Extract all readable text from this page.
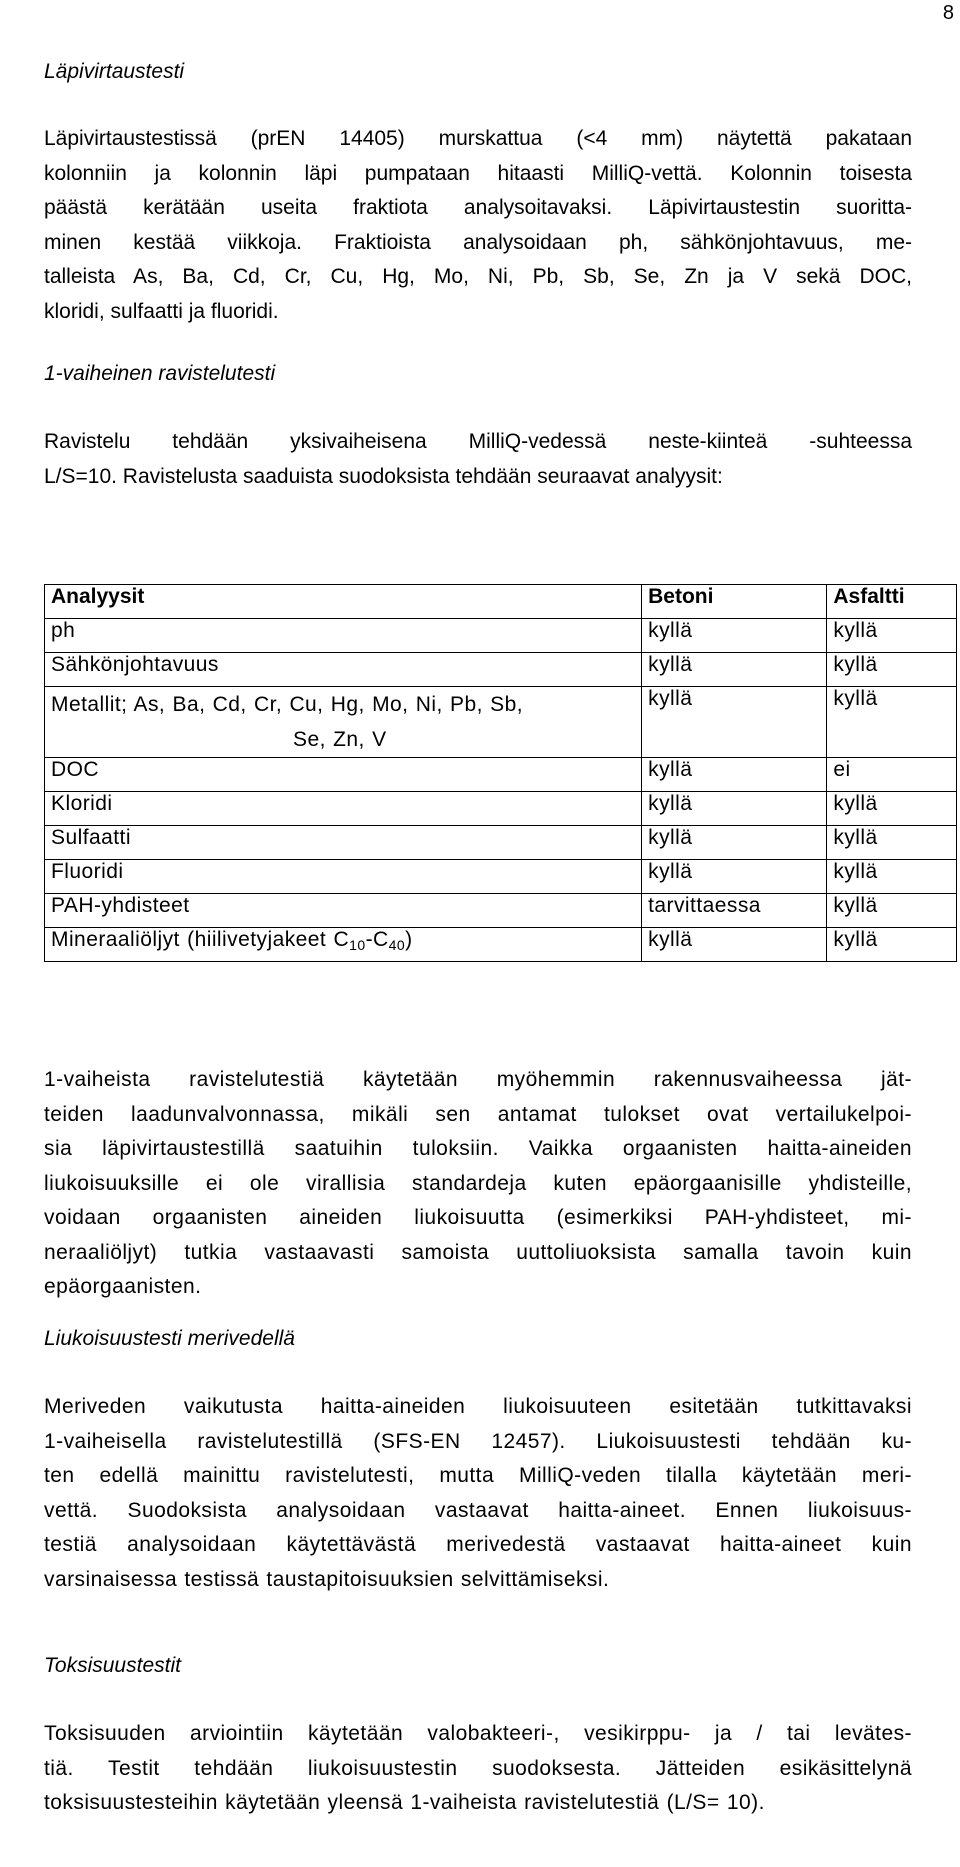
8
Läpivirtaustesti
Läpivirtaustestissä (prEN 14405) murskattua (<4 mm) näytettä pakataan
kolonniin ja kolonnin läpi pumpataan hitaasti MilliQ-vettä. Kolonnin toisesta
päästä kerätään useita fraktiota analysoitavaksi. Läpivirtaustestin suoritta-
minen kestää viikkoja. Fraktioista analysoidaan ph, sähkönjohtavuus, me-
talleista As, Ba, Cd, Cr, Cu, Hg, Mo, Ni, Pb, Sb, Se, Zn ja V sekä DOC,
kloridi, sulfaatti ja fluoridi.
1-vaiheinen ravistelutesti
Ravistelu tehdään yksivaiheisena MilliQ-vedessä neste-kiinteä -suhteessa
L/S=10. Ravistelusta saaduista suodoksista tehdään seuraavat analyysit:
Analyysit	Betoni	Asfaltti
ph	kyllä	kyllä
Sähkönjohtavuus	kyllä	kyllä

Metallit; As, Ba, Cd, Cr, Cu, Hg, Mo, Ni, Pb, Sb,
Se, Zn, V	kyllä	kyllä
DOC	kyllä	ei
Kloridi	kyllä	kyllä
Sulfaatti	kyllä	kyllä
Fluoridi	kyllä	kyllä
PAH-yhdisteet	tarvittaessa	kyllä
Mineraaliöljyt (hiilivetyjakeet $C_{10}-C_{40}$)	kyllä	kyllä
1-vaiheista ravistelutestiä käytetään myöhemmin rakennusvaiheessa jät-
teiden laadunvalvonnassa, mikäli sen antamat tulokset ovat vertailukelpoi-
sia läpivirtaustestillä saatuihin tuloksiin. Vaikka orgaanisten haitta-aineiden
liukoisuuksille ei ole virallisia standardeja kuten epäorgaanisille yhdisteille,
voidaan orgaanisten aineiden liukoisuutta (esimerkiksi PAH-yhdisteet, mi-
neraaliöljyt) tutkia vastaavasti samoista uuttoliuoksista samalla tavoin kuin
epäorgaanisten.
Liukoisuustesti merivedellä
Meriveden vaikutusta haitta-aineiden liukoisuuteen esitetään tutkittavaksi
1-vaiheisella ravistelutestillä (SFS-EN 12457). Liukoisuustesti tehdään ku-
ten edellä mainittu ravistelutesti, mutta MilliQ-veden tilalla käytetään meri-
vettä. Suodoksista analysoidaan vastaavat haitta-aineet. Ennen liukoisuus-
testiä analysoidaan käytettävästä merivedestä vastaavat haitta-aineet kuin
varsinaisessa testissä taustapitoisuuksien selvittämiseksi.
Toksisuustestit
Toksisuuden arviointiin käytetään valobakteeri-, vesikirppu- ja / tai levätes-
tiä. Testit tehdään liukoisuustestin suodoksesta. Jätteiden esikäsittelynä
toksisuustesteihin käytetään yleensä 1-vaiheista ravistelutestiä (L/S= 10).
